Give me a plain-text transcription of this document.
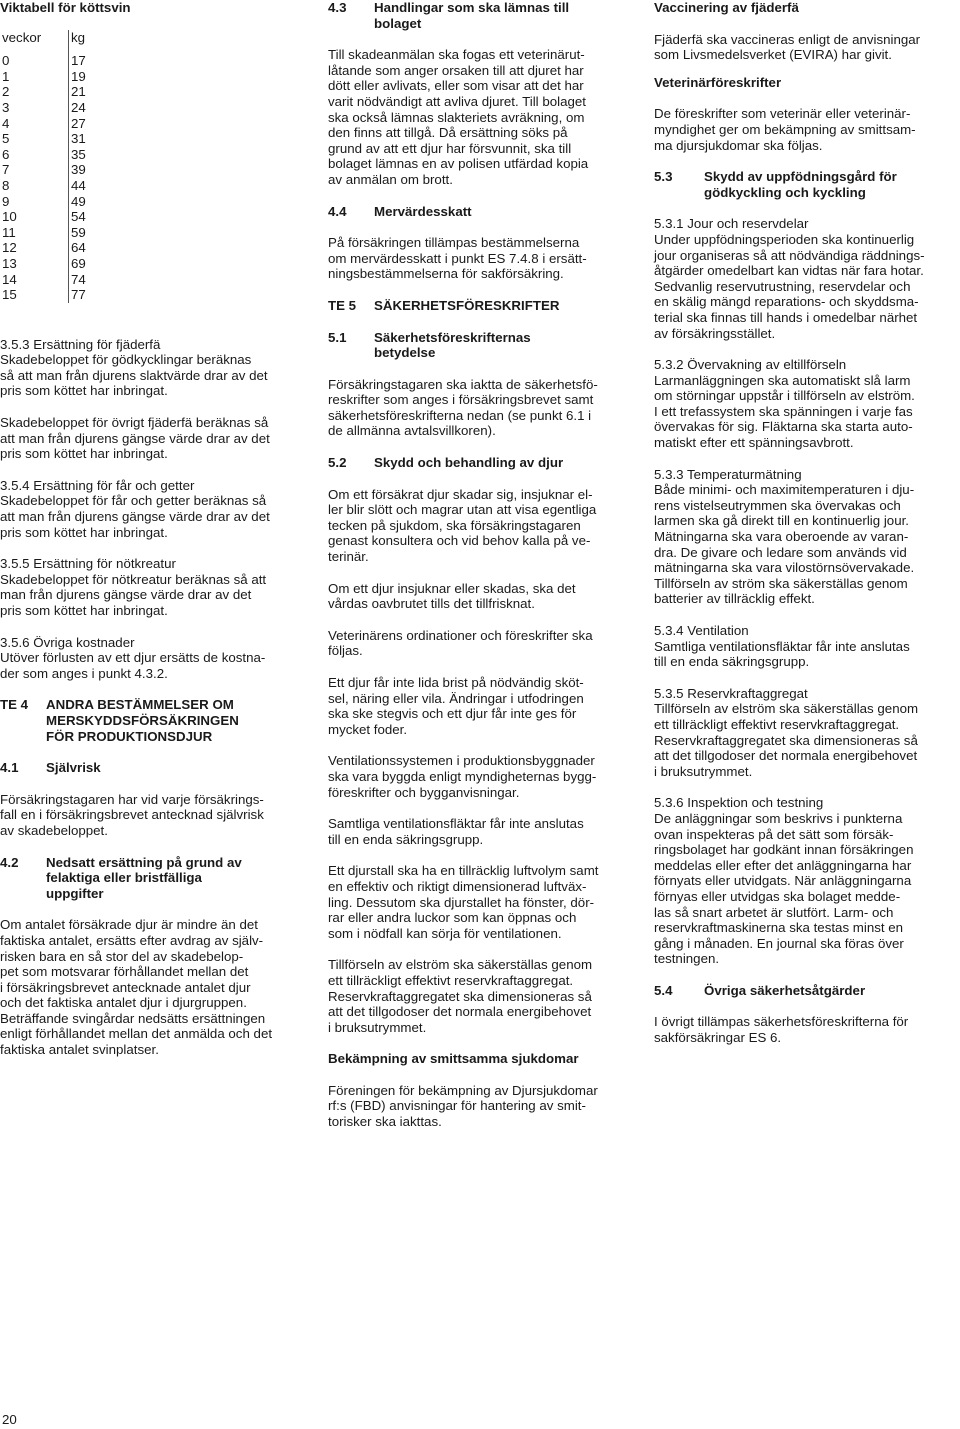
Viktabell för köttsvin

veckor	kg

0	17
1	19
2	21
3	24
4	27
5	31
6	35
7	39
8	44
9	49
10	54
11	59
12	64
13	69
14	74
15	77

3.5.3 Ersättning för fjäderfä
Skadebeloppet för gödkycklingar beräknas
så att man från djurens slaktvärde drar av det
pris som köttet har inbringat.

Skadebeloppet för övrigt fjäderfä beräknas så
att man från djurens gängse värde drar av det
pris som köttet har inbringat.

3.5.4 Ersättning för får och getter
Skadebeloppet för får och getter beräknas så
att man från djurens gängse värde drar av det
pris som köttet har inbringat.

3.5.5 Ersättning för nötkreatur
Skadebeloppet för nötkreatur beräknas så att
man från djurens gängse värde drar av det
pris som köttet har inbringat.

3.5.6 Övriga kostnader
Utöver förlusten av ett djur ersätts de kostna-
der som anges i punkt 4.3.2.

TE 4	ANDRA BESTÄMMELSER OM
MERSKYDDSFÖRSÄKRINGEN
FÖR PRODUKTIONSDJUR
4.1	Självrisk

Försäkringstagaren har vid varje försäkrings-
fall en i försäkringsbrevet antecknad självrisk
av skadebeloppet.

4.2	Nedsatt ersättning på grund av
felaktiga eller bristfälliga
uppgifter

Om antalet försäkrade djur är mindre än det
faktiska antalet, ersätts efter avdrag av själv-
risken bara en så stor del av skadebelop-
pet som motsvarar förhållandet mellan det
i försäkringsbrevet antecknade antalet djur
och det faktiska antalet djur i djurgruppen.
Beträffande svingårdar nedsätts ersättningen
enligt förhållandet mellan det anmälda och det
faktiska antalet svinplatser.

4.3	Handlingar som ska lämnas till
bolaget

Till skadeanmälan ska fogas ett veterinärut-
låtande som anger orsaken till att djuret har
dött eller avlivats, eller som visar att det har
varit nödvändigt att avliva djuret. Till bolaget
ska också lämnas slakteriets avräkning, om
den finns att tillgå. Då ersättning söks på
grund av att ett djur har försvunnit, ska till
bolaget lämnas en av polisen utfärdad kopia
av anmälan om brott.

4.4	Mervärdesskatt

På försäkringen tillämpas bestämmelserna
om mervärdesskatt i punkt ES 7.4.8 i ersätt-
ningsbestämmelserna för sakförsäkring.

TE 5	SÄKERHETSFÖRESKRIFTER
5.1	Säkerhetsföreskrifternas
betydelse

Försäkringstagaren ska iaktta de säkerhetsfö-
reskrifter som anges i försäkringsbrevet samt
säkerhetsföreskrifterna nedan (se punkt 6.1 i
de allmänna avtalsvillkoren).

5.2	Skydd och behandling av djur

Om ett försäkrat djur skadar sig, insjuknar el-
ler blir slött och magrar utan att visa egentliga
tecken på sjukdom, ska försäkringstagaren
genast konsultera och vid behov kalla på ve-
terinär.

Om ett djur insjuknar eller skadas, ska det
vårdas oavbrutet tills det tillfrisknat.

Veterinärens ordinationer och föreskrifter ska
följas.

Ett djur får inte lida brist på nödvändig sköt-
sel, näring eller vila. Ändringar i utfodringen
ska ske stegvis och ett djur får inte ges för
mycket foder.

Ventilationssystemen i produktionsbyggnader
ska vara byggda enligt myndigheternas bygg-
föreskrifter och bygganvisningar.

Samtliga ventilationsfläktar får inte anslutas
till en enda säkringsgrupp.

Ett djurstall ska ha en tillräcklig luftvolym samt
en effektiv och riktigt dimensionerad luftväx-
ling. Dessutom ska djurstallet ha fönster, dör-
rar eller andra luckor som kan öppnas och
som i nödfall kan sörja för ventilationen.

Tillförseln av elström ska säkerställas genom
ett tillräckligt effektivt reservkraftaggregat.
Reservkraftaggregatet ska dimensioneras så
att det tillgodoser det normala energibehovet
i bruksutrymmet.

Bekämpning av smittsamma sjukdomar

Föreningen för bekämpning av Djursjukdomar
rf:s (FBD) anvisningar för hantering av smit-
torisker ska iakttas.

Vaccinering av fjäderfä

Fjäderfä ska vaccineras enligt de anvisningar
som Livsmedelsverket (EVIRA) har givit.

Veterinärföreskrifter

De föreskrifter som veterinär eller veterinär-
myndighet ger om bekämpning av smittsam-
ma djursjukdomar ska följas.

5.3	Skydd av uppfödningsgård för
gödkyckling och kyckling

5.3.1 Jour och reservdelar
Under uppfödningsperioden ska kontinuerlig
jour organiseras så att nödvändiga räddnings-
åtgärder omedelbart kan vidtas när fara hotar.
Sedvanlig reservutrustning, reservdelar och
en skälig mängd reparations- och skyddsma-
terial ska finnas till hands i omedelbar närhet
av försäkringsstället.

5.3.2 Övervakning av eltillförseln
Larmanläggningen ska automatiskt slå larm
om störningar uppstår i tillförseln av elström.
I ett trefassystem ska spänningen i varje fas
övervakas för sig. Fläktarna ska starta auto-
matiskt efter ett spänningsavbrott.

5.3.3 Temperaturmätning
Både minimi- och maximitemperaturen i dju-
rens vistelseutrymmen ska övervakas och
larmen ska gå direkt till en kontinuerlig jour.
Mätningarna ska vara oberoende av varan-
dra. De givare och ledare som används vid
mätningarna ska vara vilostörnsövervakade.
Tillförseln av ström ska säkerställas genom
batterier av tillräcklig effekt.

5.3.4 Ventilation
Samtliga ventilationsfläktar får inte anslutas
till en enda säkringsgrupp.

5.3.5 Reservkraftaggregat
Tillförseln av elström ska säkerställas genom
ett tillräckligt effektivt reservkraftaggregat.
Reservkraftaggregatet ska dimensioneras så
att det tillgodoser det normala energibehovet
i bruksutrymmet.

5.3.6 Inspektion och testning
De anläggningar som beskrivs i punkterna
ovan inspekteras på det sätt som försäk-
ringsbolaget har godkänt innan försäkringen
meddelas eller efter det anläggningarna har
förnyats eller utvidgats. När anläggningarna
förnyas eller utvidgas ska bolaget medde-
las så snart arbetet är slutfört. Larm- och
reservkraftmaskinerna ska testas minst en
gång i månaden. En journal ska föras över
testningen.

5.4	Övriga säkerhetsåtgärder

I övrigt tillämpas säkerhetsföreskrifterna för
sakförsäkringar ES 6.

20
